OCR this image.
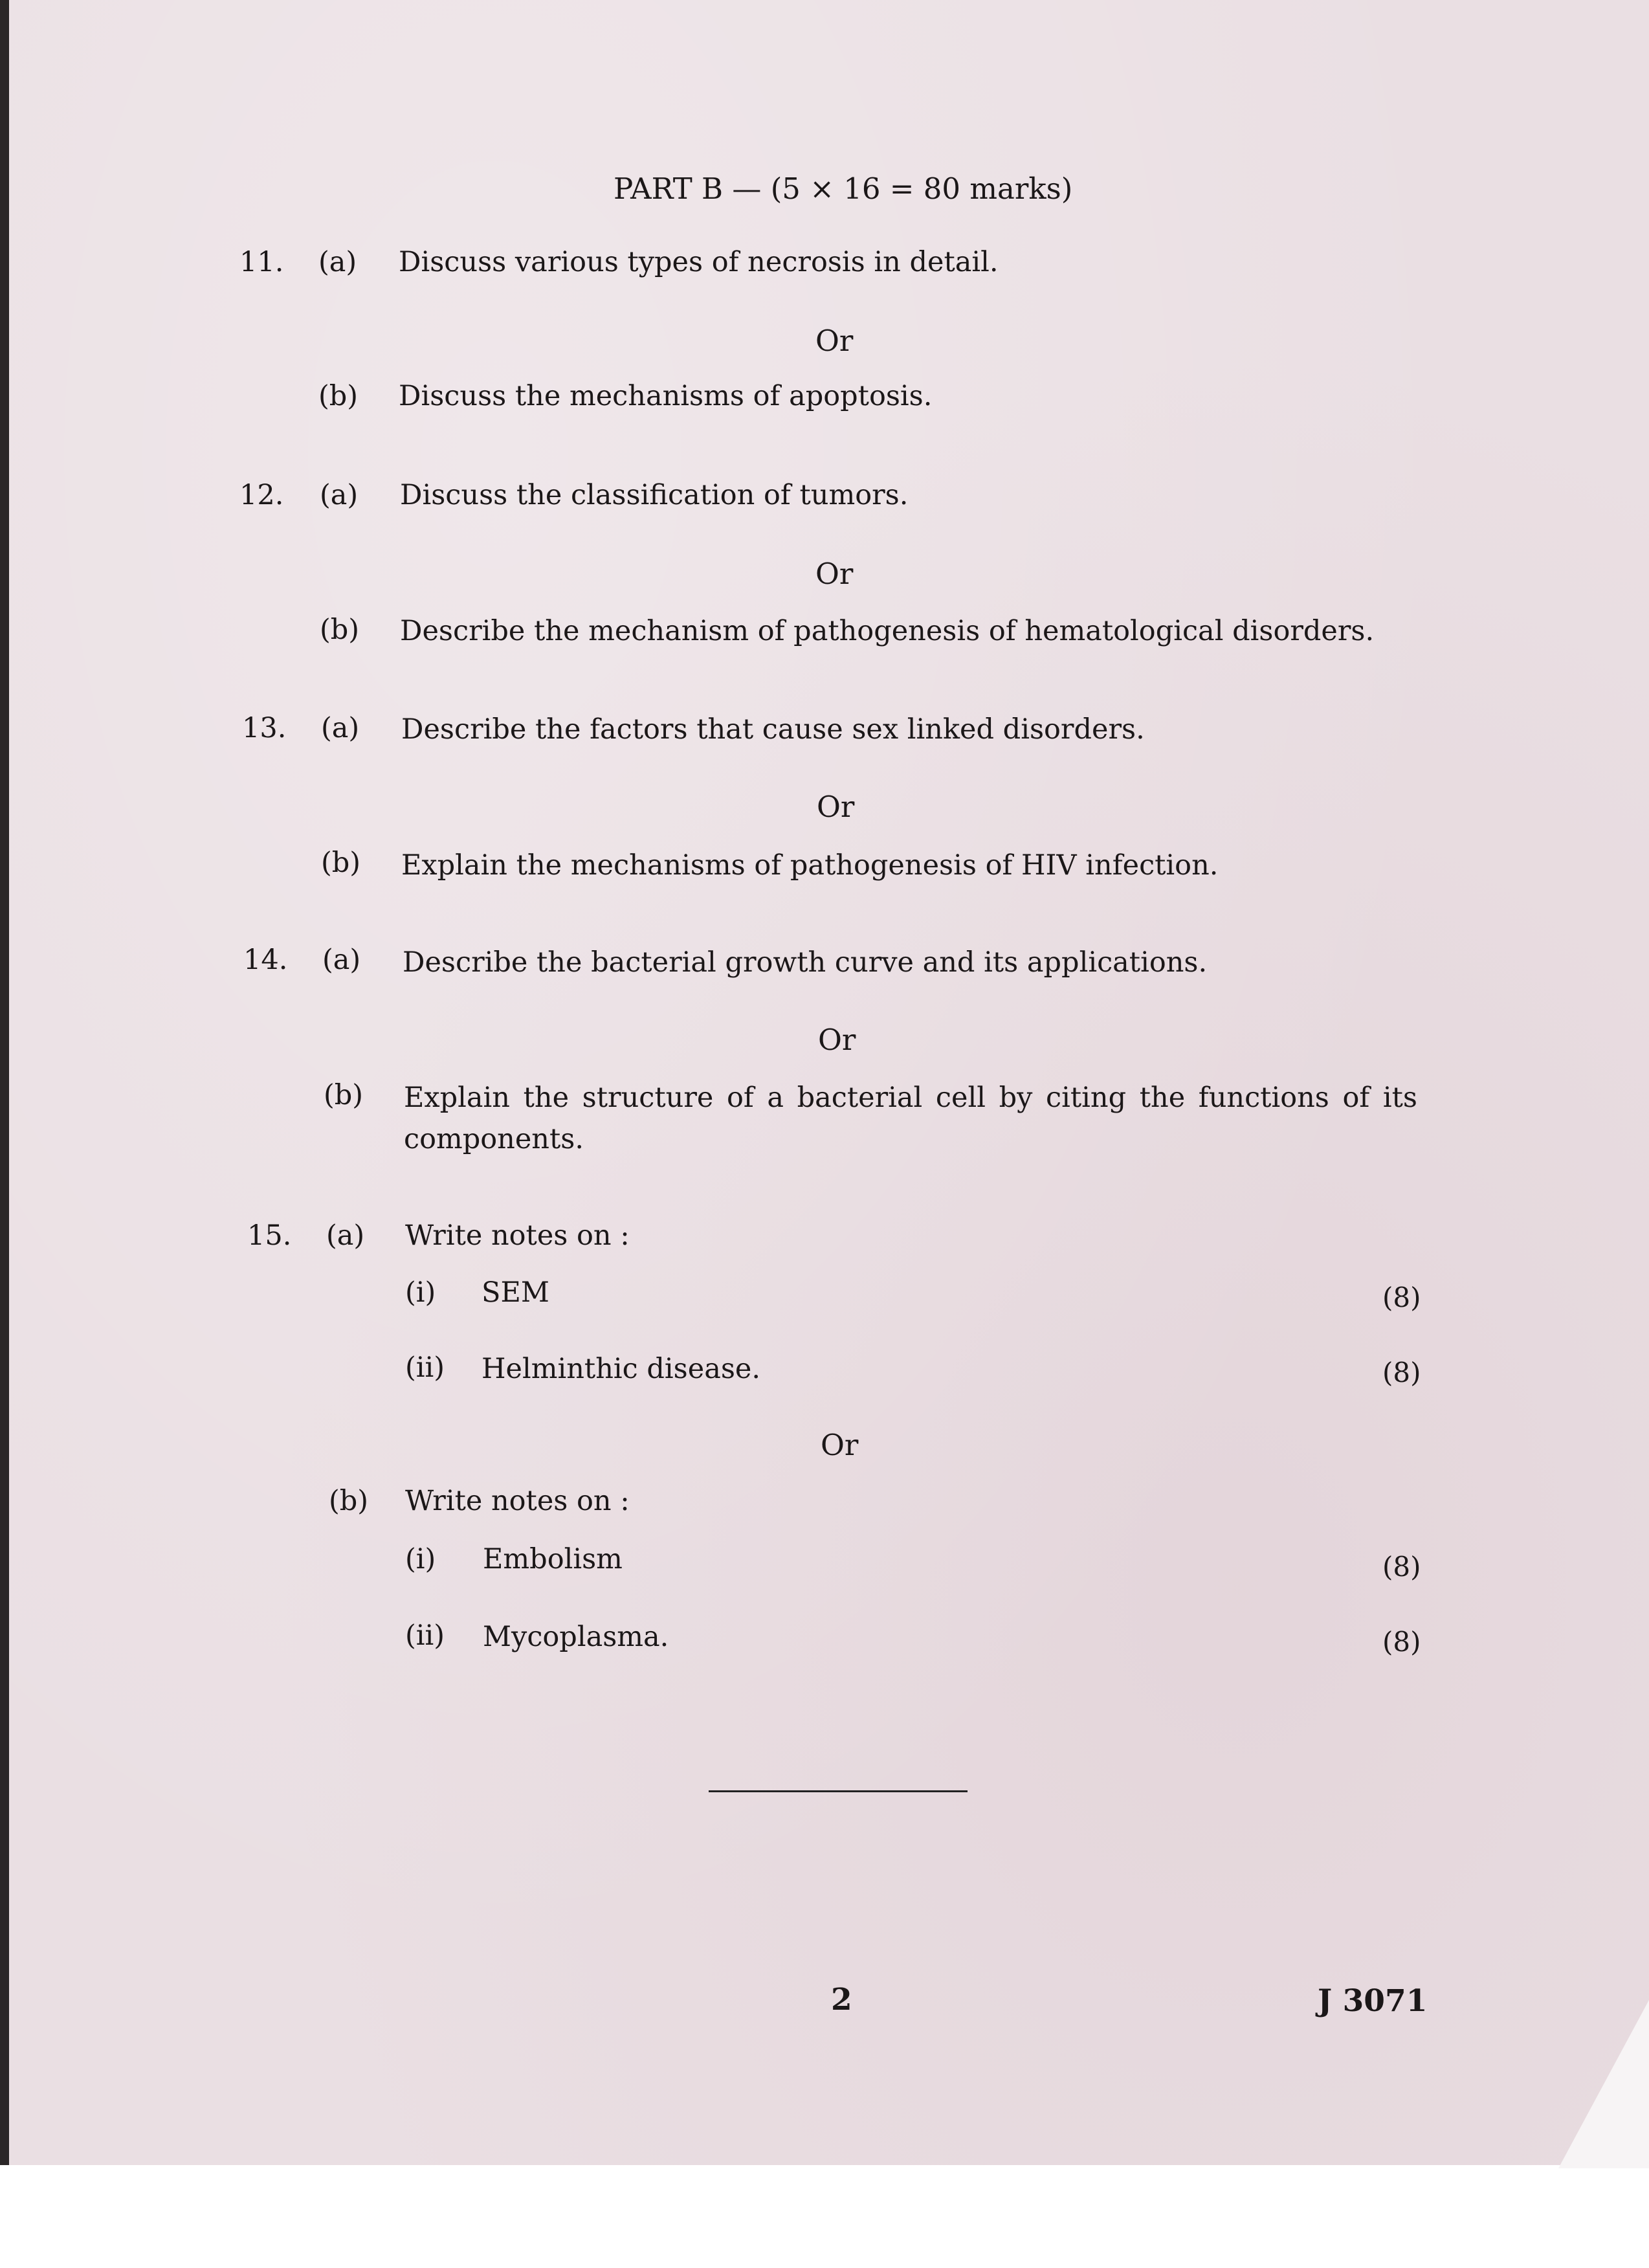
PART B — (5 × 16 = 80 marks)
11. (a) Discuss various types of necrosis in detail.
Or
(b) Discuss the mechanisms of apoptosis.
12. (a) Discuss the classification of tumors.
Or
(b) Describe the mechanism of pathogenesis of hematological disorders.
13. (a) Describe the factors that cause sex linked disorders.
Or
(b) Explain the mechanisms of pathogenesis of HIV infection.
14. (a) Describe the bacterial growth curve and its applications.
Or
(b) Explain the structure of a bacterial cell by citing the functions of its components.
15. (a) Write notes on :
(i) SEM	(8)
(ii) Helminthic disease.	(8)
Or
(b) Write notes on :
(i) Embolism	(8)
(ii) Mycoplasma.	(8)
2	J 3071
